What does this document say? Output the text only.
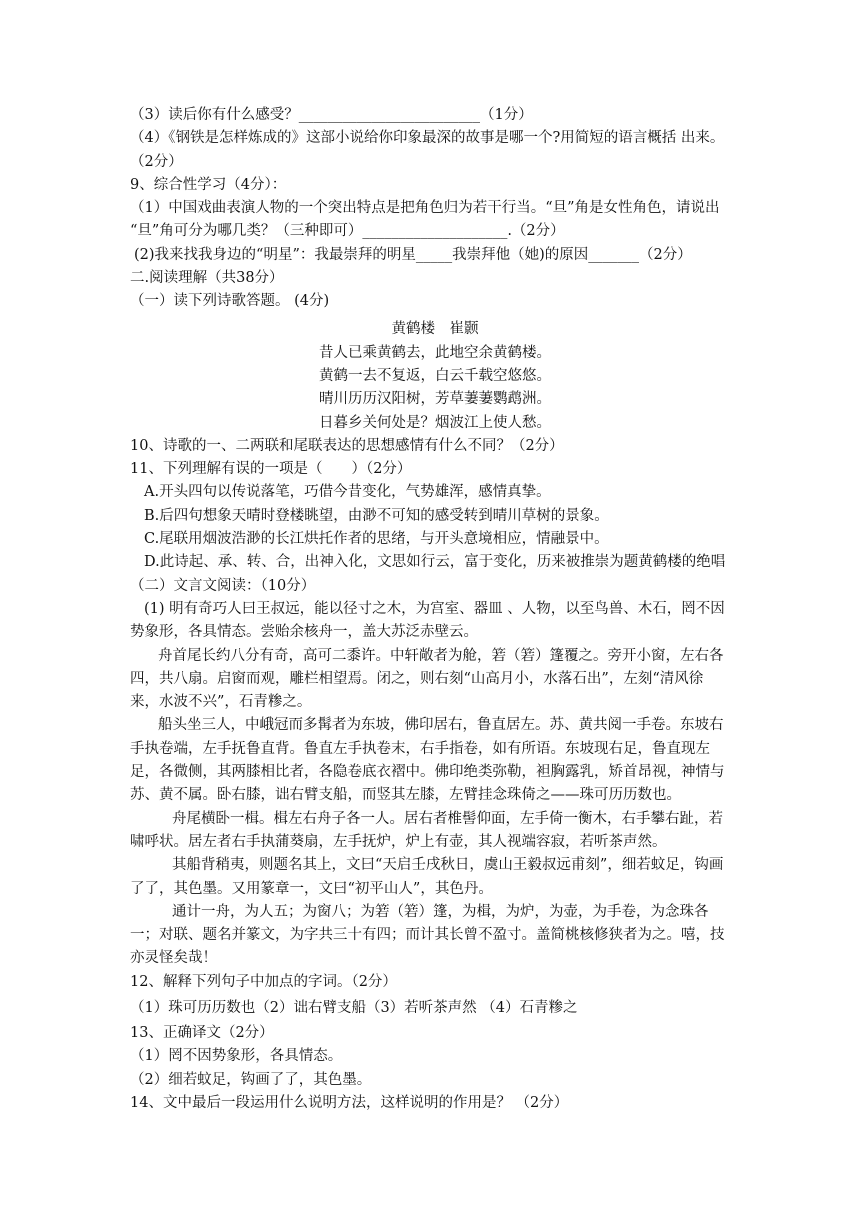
（3）读后你有什么感受？_________________________（1分）
（4）《钢铁是怎样炼成的》这部小说给你印象最深的故事是哪一个?用简短的语言概括 出来。（2分）
9、综合性学习（4分）：
（1）中国戏曲表演人物的一个突出特点是把角色归为若干行当。“旦”角是女性角色，请说出 “旦”角可分为哪几类？（三种即可）____________________.（2分）
(2)我来找我身边的“明星”：我最崇拜的明星_____我崇拜他（她)的原因_______（2分）
二.阅读理解（共38分）
（一）读下列诗歌答题。 (4分)
黄鹤楼　崔颢
昔人已乘黄鹤去，此地空余黄鹤楼。
黄鹤一去不复返，白云千载空悠悠。
晴川历历汉阳树，芳草萋萋鹦鹉洲。
日暮乡关何处是？烟波江上使人愁。
10、诗歌的一、二两联和尾联表达的思想感情有什么不同？（2分）
11、下列理解有误的一项是（　　）（2分）
A.开头四句以传说落笔，巧借今昔变化，气势雄浑，感情真挚。
B.后四句想象天晴时登楼眺望，由渺不可知的感受转到晴川草树的景象。
C.尾联用烟波浩渺的长江烘托作者的思绪，与开头意境相应，情融景中。
D.此诗起、承、转、合，出神入化，文思如行云，富于变化，历来被推崇为题黄鹤楼的绝唱
（二）文言文阅读：（10分）
(1) 明有奇巧人曰王叔远，能以径寸之木，为宫室、器皿 、人物，以至鸟兽、木石，罔不因势象形，各具情态。尝贻余核舟一，盖大苏泛赤壁云。
舟首尾长约八分有奇，高可二黍许。中轩敞者为舱，箬（箬）篷覆之。旁开小窗，左右各四，共八扇。启窗而观，雕栏相望焉。闭之，则右刻“山高月小，水落石出”，左刻“清风徐来，水波不兴”，石青糁之。
船头坐三人，中峨冠而多髯者为东坡，佛印居右，鲁直居左。苏、黄共阅一手卷。东坡右手执卷端，左手抚鲁直背。鲁直左手执卷末，右手指卷，如有所语。东坡现右足，鲁直现左足，各微侧，其两膝相比者，各隐卷底衣褶中。佛印绝类弥勒，袒胸露乳，矫首昂视，神情与苏、黄不属。卧右膝，诎右臂支船，而竖其左膝，左臂挂念珠倚之——珠可历历数也。
舟尾横卧一楫。楫左右舟子各一人。居右者椎髻仰面，左手倚一衡木，右手攀右趾，若啸呼状。居左者右手执蒲葵扇，左手抚炉，炉上有壶，其人视端容寂，若听茶声然。
其船背稍夷，则题名其上，文曰“天启壬戌秋日，虞山王毅叔远甫刻”，细若蚊足，钩画了了，其色墨。又用篆章一，文曰“初平山人”，其色丹。
通计一舟，为人五；为窗八；为箬（箬）篷，为楫，为炉，为壶，为手卷，为念珠各一；对联、题名并篆文，为字共三十有四；而计其长曾不盈寸。盖简桃核修狭者为之。嘻，技亦灵怪矣哉！
12、解释下列句子中加点的字词。（2分）
（1）珠可历历数也（2）诎右臂支船（3）若听茶声然 （4）石青糁之
13、正确译文（2分）
（1）罔不因势象形，各具情态。
（2）细若蚊足，钩画了了，其色墨。
14、文中最后一段运用什么说明方法，这样说明的作用是？ （2分）
